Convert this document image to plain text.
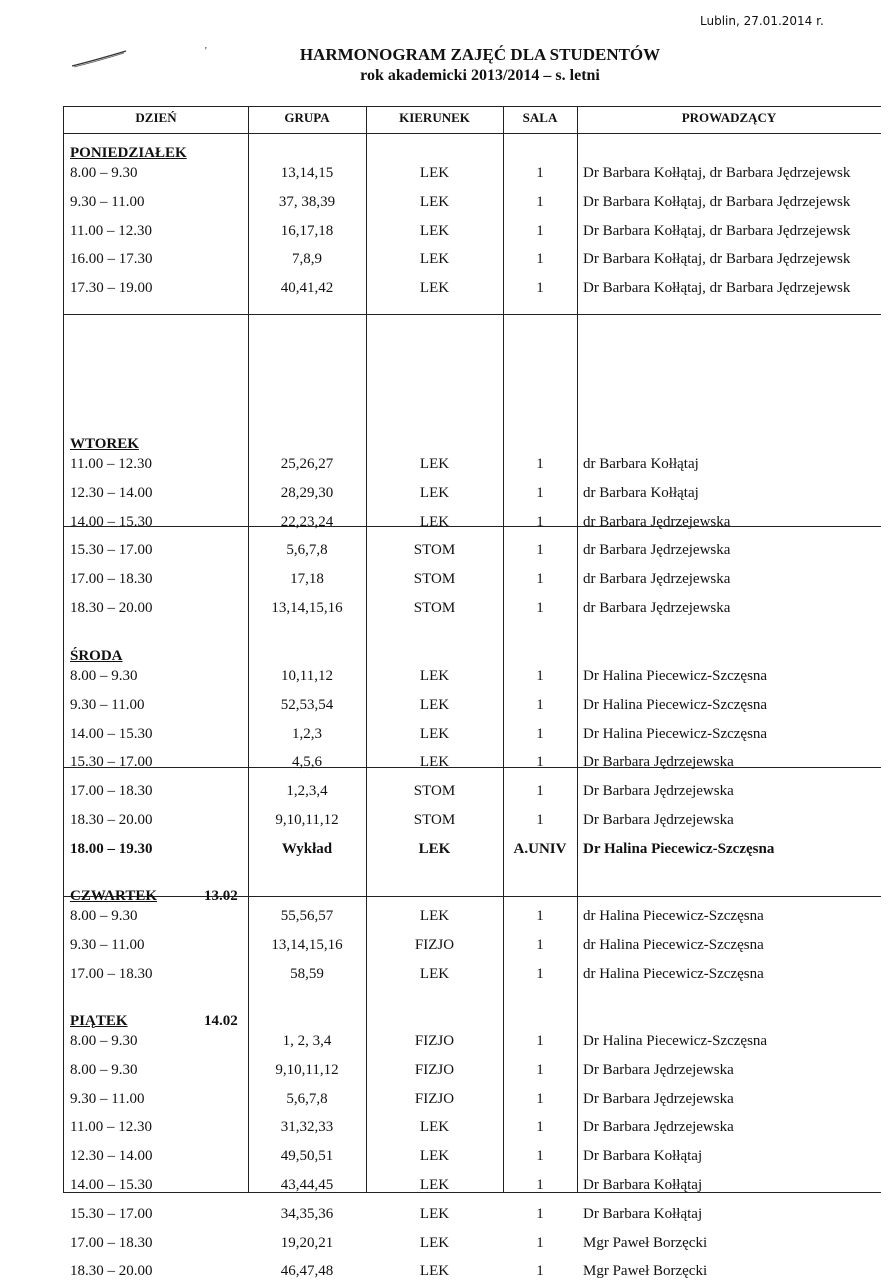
Lublin, 27.01.2014 r.
'	HARMONOGRAM ZAJĘĆ DLA STUDENTÓW
rok akademicki 2013/2014 – s. letni
DZIEŃ	GRUPA	KIERUNEK	SALA	PROWADZĄCY
PONIEDZIAŁEK
8.00 – 9.30	13,14,15	LEK	1	Dr Barbara Kołłątaj, dr Barbara Jędrzejewsk
9.30 – 11.00	37, 38,39	LEK	1	Dr Barbara Kołłątaj, dr Barbara Jędrzejewsk
11.00 – 12.30	16,17,18	LEK	1	Dr Barbara Kołłątaj, dr Barbara Jędrzejewsk
16.00 – 17.30	7,8,9	LEK	1	Dr Barbara Kołłątaj, dr Barbara Jędrzejewsk
17.30 – 19.00	40,41,42	LEK	1	Dr Barbara Kołłątaj, dr Barbara Jędrzejewsk
WTOREK
11.00 – 12.30	25,26,27	LEK	1	dr Barbara Kołłątaj
12.30 – 14.00	28,29,30	LEK	1	dr Barbara Kołłątaj
14.00 – 15.30	22,23,24	LEK	1	dr Barbara Jędrzejewska
15.30 – 17.00	5,6,7,8	STOM	1	dr Barbara Jędrzejewska
17.00 – 18.30	17,18	STOM	1	dr Barbara Jędrzejewska
18.30 – 20.00	13,14,15,16	STOM	1	dr Barbara Jędrzejewska
ŚRODA
8.00 – 9.30	10,11,12	LEK	1	Dr Halina Piecewicz-Szczęsna
9.30 – 11.00	52,53,54	LEK	1	Dr Halina Piecewicz-Szczęsna
14.00 – 15.30	1,2,3	LEK	1	Dr Halina Piecewicz-Szczęsna
15.30 – 17.00	4,5,6	LEK	1	Dr Barbara Jędrzejewska
17.00 – 18.30	1,2,3,4	STOM	1	Dr Barbara Jędrzejewska
18.30 – 20.00	9,10,11,12	STOM	1	Dr Barbara Jędrzejewska
18.00 – 19.30	Wykład	LEK	A.UNIV	Dr Halina Piecewicz-Szczęsna
CZWARTEK	13.02
8.00 – 9.30	55,56,57	LEK	1	dr Halina Piecewicz-Szczęsna
9.30 – 11.00	13,14,15,16	FIZJO	1	dr Halina Piecewicz-Szczęsna
17.00 – 18.30	58,59	LEK	1	dr Halina Piecewicz-Szczęsna
PIĄTEK	14.02
8.00 – 9.30	1, 2, 3,4	FIZJO	1	Dr Halina Piecewicz-Szczęsna
8.00 – 9.30	9,10,11,12	FIZJO	1	Dr Barbara Jędrzejewska
9.30 – 11.00	5,6,7,8	FIZJO	1	Dr Barbara Jędrzejewska
11.00 – 12.30	31,32,33	LEK	1	Dr Barbara Jędrzejewska
12.30 – 14.00	49,50,51	LEK	1	Dr Barbara Kołłątaj
14.00 – 15.30	43,44,45	LEK	1	Dr Barbara Kołłątaj
15.30 – 17.00	34,35,36	LEK	1	Dr Barbara Kołłątaj
17.00 – 18.30	19,20,21	LEK	1	Mgr Paweł Borzęcki
18.30 – 20.00	46,47,48	LEK	1	Mgr Paweł Borzęcki
